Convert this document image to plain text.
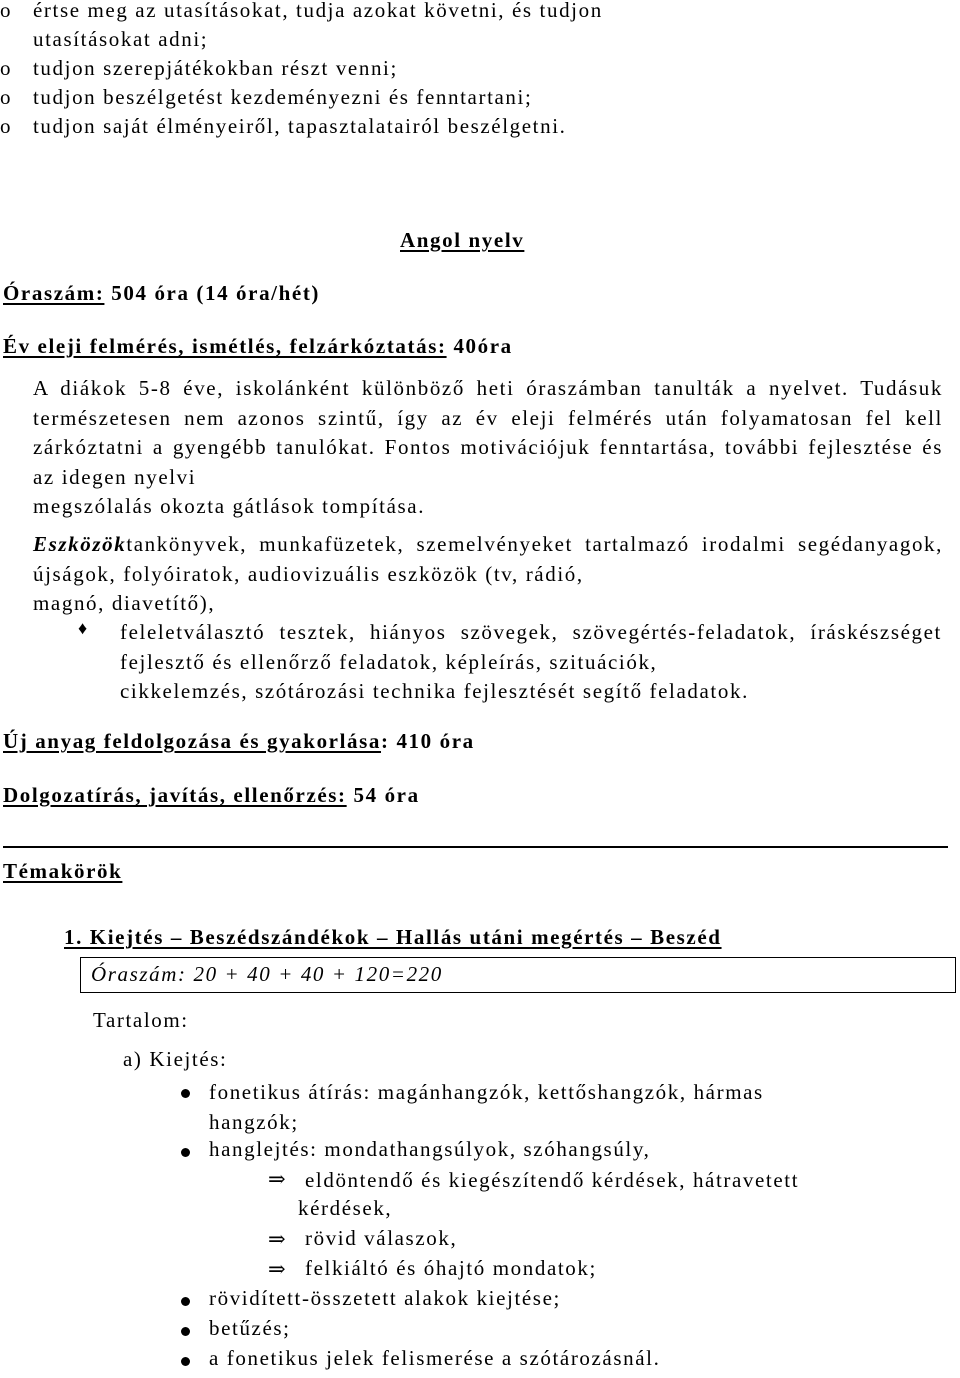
o értse meg az utasításokat, tudja azokat követni, és tudjon
utasításokat adni;
o tudjon szerepjátékokban részt venni;
o tudjon beszélgetést kezdeményezni és fenntartani;
o tudjon saját élményeiről, tapasztalatairól beszélgetni.
Angol nyelv
Óraszám: 504 óra (14 óra/hét)
Év eleji felmérés, ismétlés, felzárkóztatás: 40óra
A diákok 5-8 éve, iskolánként különböző heti óraszámban tanulták a nyelvet. Tudásuk természetesen nem azonos szintű, így az év eleji felmérés után folyamatosan fel kell zárkóztatni a gyengébb tanulókat. Fontos motivációjuk fenntartása, további fejlesztése és az idegen nyelvi
megszólalás okozta gátlások tompítása.
Eszközöktankönyvek, munkafüzetek, szemelvényeket tartalmazó irodalmi segédanyagok, újságok, folyóiratok, audiovizuális eszközök (tv, rádió,
magnó, diavetítő),
♦ feleletválasztó tesztek, hiányos szövegek, szövegértés-feladatok, íráskészséget fejlesztő és ellenőrző feladatok, képleírás, szituációk,
cikkelemzés, szótározási technika fejlesztését segítő feladatok.
Új anyag feldolgozása és gyakorlása: 410 óra
Dolgozatírás, javítás, ellenőrzés: 54 óra
Témakörök
1. Kiejtés – Beszédszándékok – Hallás utáni megértés – Beszéd
Óraszám: 20 + 40 + 40 + 120=220
Tartalom:
a) Kiejtés:
fonetikus átírás: magánhangzók, kettőshangzók, hármas
hangzók;
hanglejtés: mondathangsúlyok, szóhangsúly,
⇒ eldöntendő és kiegészítendő kérdések, hátravetett
kérdések,
⇒ rövid válaszok,
⇒ felkiáltó és óhajtó mondatok;
rövidített-összetett alakok kiejtése;
betűzés;
a fonetikus jelek felismerése a szótározásnál.
